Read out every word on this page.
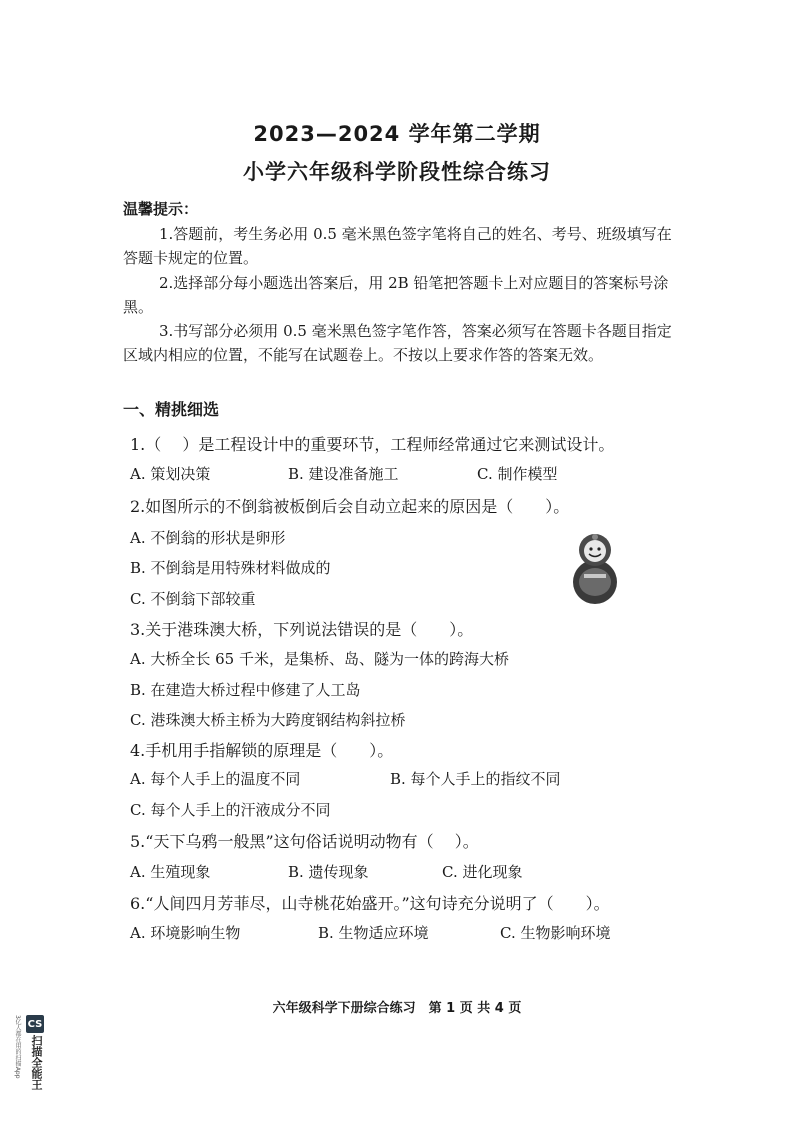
2023—2024 学年第二学期
小学六年级科学阶段性综合练习
温馨提示：
1.答题前，考生务必用 0.5 毫米黑色签字笔将自己的姓名、考号、班级填写在答题卡规定的位置。
2.选择部分每小题选出答案后，用 2B 铅笔把答题卡上对应题目的答案标号涂黑。
3.书写部分必须用 0.5 毫米黑色签字笔作答，答案必须写在答题卡各题目指定区域内相应的位置，不能写在试题卷上。不按以上要求作答的答案无效。
一、精挑细选
1.（　 ）是工程设计中的重要环节，工程师经常通过它来测试设计。
A. 策划决策	B. 建设准备施工	C. 制作模型
2.如图所示的不倒翁被板倒后会自动立起来的原因是（　　）。
A. 不倒翁的形状是卵形
B. 不倒翁是用特殊材料做成的
C. 不倒翁下部较重
3.关于港珠澳大桥，下列说法错误的是（　　）。
A. 大桥全长 65 千米，是集桥、岛、隧为一体的跨海大桥
B. 在建造大桥过程中修建了人工岛
C. 港珠澳大桥主桥为大跨度钢结构斜拉桥
4.手机用手指解锁的原理是（　　）。
A. 每个人手上的温度不同	B. 每个人手上的指纹不同
C. 每个人手上的汗液成分不同
5.“天下乌鸦一般黑”这句俗话说明动物有（　 ）。
A. 生殖现象	B. 遗传现象	C. 进化现象
6.“人间四月芳菲尽，山寺桃花始盛开。”这句诗充分说明了（　　）。
A. 环境影响生物	B. 生物适应环境	C. 生物影响环境
六年级科学下册综合练习　第 1 页 共 4 页
CS
扫描全能王
3亿人都在用的扫描App
